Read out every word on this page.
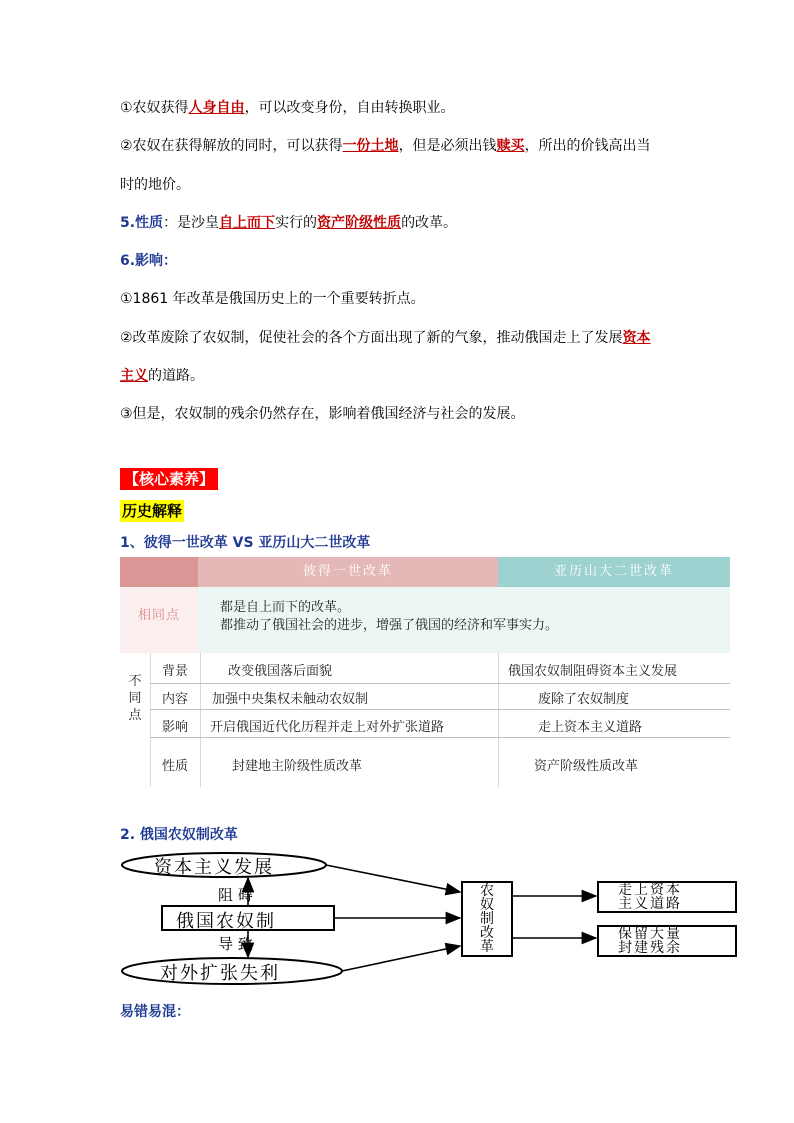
①农奴获得人身自由，可以改变身份，自由转换职业。
②农奴在获得解放的同时，可以获得一份土地，但是必须出钱赎买，所出的价钱高出当
时的地价。
5.性质：是沙皇自上而下实行的资产阶级性质的改革。
6.影响：
①1861 年改革是俄国历史上的一个重要转折点。
②改革废除了农奴制，促使社会的各个方面出现了新的气象，推动俄国走上了发展资本
主义的道路。
③但是，农奴制的残余仍然存在，影响着俄国经济与社会的发展。
【核心素养】
历史解释
1、彼得一世改革 VS 亚历山大二世改革
彼得一世改革	亚历山大二世改革
相同点
都是自上而下的改革。
都推动了俄国社会的进步，增强了俄国的经济和军事实力。
不
同
点
背景	改变俄国落后面貌	俄国农奴制阻碍资本主义发展
内容 加强中央集权未触动农奴制	废除了农奴制度
影响 开启俄国近代化历程并走上对外扩张道路	走上资本主义道路
性质	封建地主阶级性质改革	资产阶级性质改革
2. 俄国农奴制改革
资本主义发展
阻 碍
俄国农奴制
导 致
对外扩张失利
农
奴
制
改
革
走上资本
主义道路
保留大量
封建残余
易错易混：
